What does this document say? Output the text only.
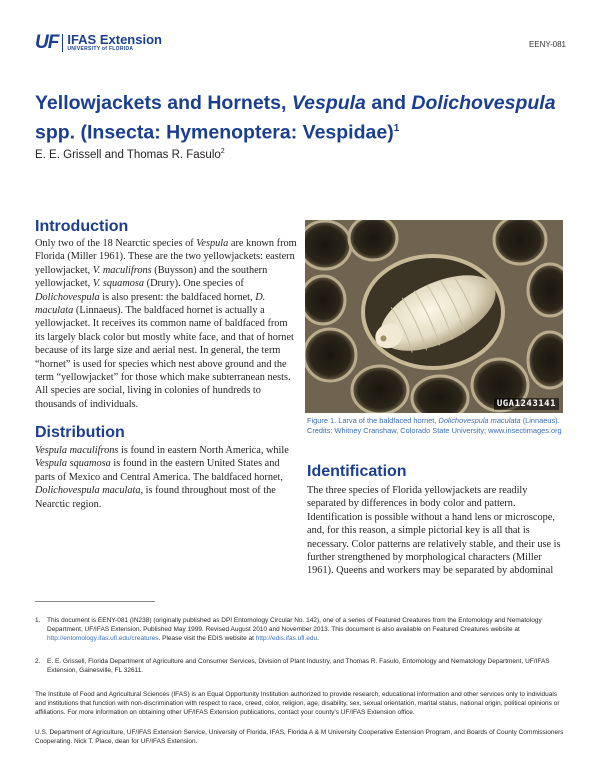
UF IFAS Extension
UNIVERSITY of FLORIDA	EENY-081
Yellowjackets and Hornets, Vespula and Dolichovespula
spp. (Insecta: Hymenoptera: Vespidae)$^1$
E. E. Grissell and Thomas R. Fasulo$^2$
Introduction
Only two of the 18 Nearctic species of Vespula are known from Florida (Miller 1961). These are the two yellowjackets: eastern yellowjacket, V. maculifrons (Buysson) and the southern yellowjacket, V. squamosa (Drury). One species of Dolichovespula is also present: the baldfaced hornet, D. maculata (Linnaeus). The baldfaced hornet is actually a yellowjacket. It receives its common name of baldfaced from its largely black color but mostly white face, and that of hornet because of its large size and aerial nest. In general, the term “hornet” is used for species which nest above ground and the term “yellowjacket” for those which make subterranean nests. All species are social, living in colonies of hundreds to thousands of individuals.
Distribution
Vespula maculifrons is found in eastern North America, while Vespula squamosa is found in the eastern United States and parts of Mexico and Central America. The baldfaced hornet, Dolichovespula maculata, is found throughout most of the Nearctic region.
UGA1243141
Figure 1. Larva of the baldfaced hornet, Dolichovespula maculata (Linnaeus).
Credits: Whitney Cranshaw, Colorado State University; www.insectimages.org
Identification
The three species of Florida yellowjackets are readily separated by differences in body color and pattern. Identification is possible without a hand lens or microscope, and, for this reason, a simple pictorial key is all that is necessary. Color patterns are relatively stable, and their use is further strengthened by morphological characters (Miller 1961). Queens and workers may be separated by abdominal
1.	This document is EENY-081 (IN238) (originally published as DPI Entomology Circular No. 142), one of a series of Featured Creatures from the Entomology and Nematology Department, UF/IFAS Extension. Published May 1999. Revised August 2010 and November 2013. This document is also available on Featured Creatures website at http://entomology.ifas.ufl.edu/creatures. Please visit the EDIS website at http://edis.ifas.ufl.edu.
2.	E. E. Grissell, Florida Department of Agriculture and Consumer Services, Division of Plant Industry, and Thomas R. Fasulo, Entomology and Nematology Department, UF/IFAS Extension, Gainesville, FL 32611.
The Institute of Food and Agricultural Sciences (IFAS) is an Equal Opportunity Institution authorized to provide research, educational information and other services only to individuals and institutions that function with non-discrimination with respect to race, creed, color, religion, age, disability, sex, sexual orientation, marital status, national origin, political opinions or affiliations. For more information on obtaining other UF/IFAS Extension publications, contact your county’s UF/IFAS Extension office.
U.S. Department of Agriculture, UF/IFAS Extension Service, University of Florida, IFAS, Florida A & M University Cooperative Extension Program, and Boards of County Commissioners Cooperating. Nick T. Place, dean for UF/IFAS Extension.
